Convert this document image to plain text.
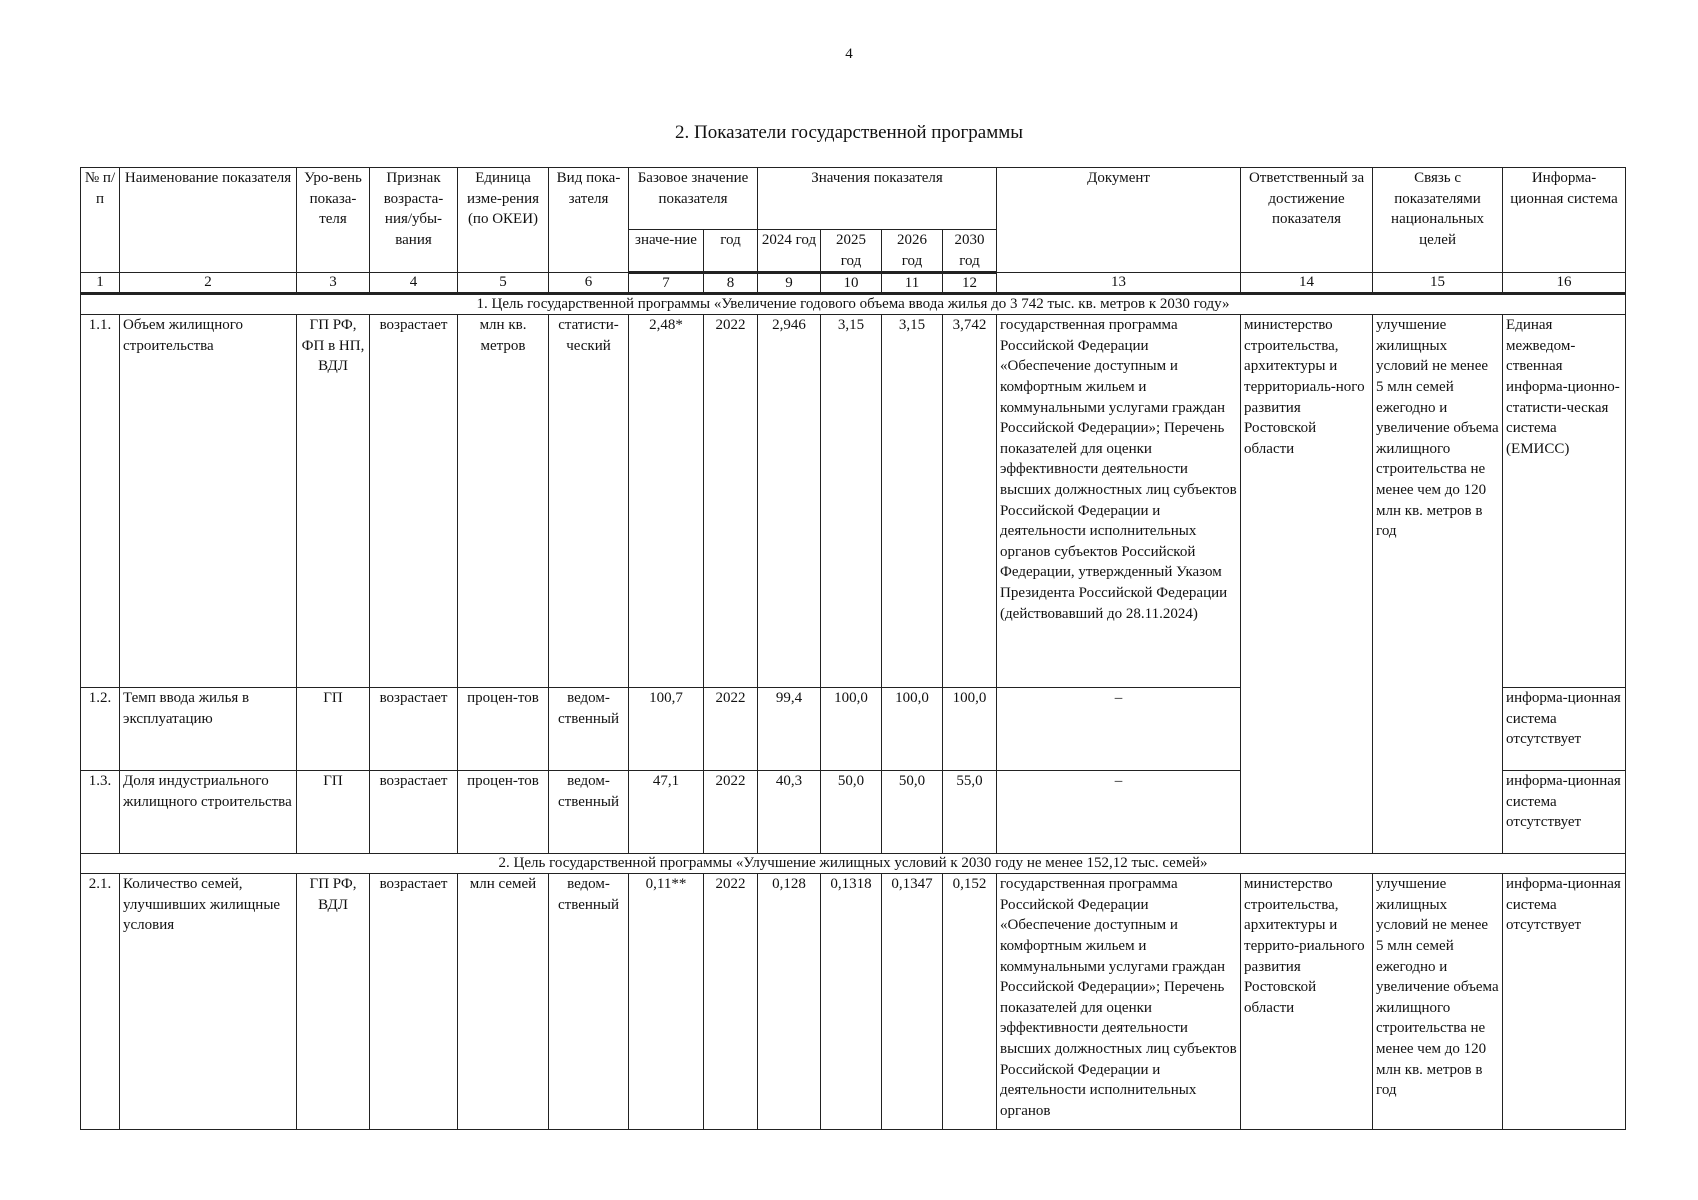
4
2. Показатели государственной программы
№ п/п	Наименование показателя	Уро-вень показа-теля	Признак возраста-ния/убы-вания	Единица изме-рения (по ОКЕИ)	Вид пока-зателя	Базовое значение показателя		Значения показателя				Документ	Ответственный за достижение показателя	Связь с показателями национальных целей	Информа-ционная система
						значе-ние	год	2024 год	2025 год	2026 год	2030 год				
1	2	3	4	5	6	7	8	9	10	11	12	13	14	15	16
1. Цель государственной программы «Увеличение годового объема ввода жилья до 3 742 тыс. кв. метров к 2030 году»															
1.1.	Объем жилищного строительства	ГП РФ, ФП в НП, ВДЛ	возрастает	млн кв. метров	статисти-ческий	2,48*	2022	2,946	3,15	3,15	3,742	государственная программа Российской Федерации «Обеспечение доступным и комфортным жильем и коммунальными услугами граждан Российской Федерации»; Перечень показателей для оценки эффективности деятельности высших должностных лиц субъектов Российской Федерации и деятельности исполнительных органов субъектов Российской Федерации, утвержденный Указом Президента Российской Федерации (действовавший до 28.11.2024)	министерство строительства, архитектуры и территориаль-ного развития Ростовской области	улучшение жилищных условий не менее 5 млн семей ежегодно и увеличение объема жилищного строительства не менее чем до 120 млн кв. метров в год	Единая межведом-ственная информа-ционно-статисти-ческая система (ЕМИСС)
1.2.	Темп ввода жилья в эксплуатацию	ГП	возрастает	процен-тов	ведом-ственный	100,7	2022	99,4	100,0	100,0	100,0	–			информа-ционная система отсутствует
1.3.	Доля индустриального жилищного строительства	ГП	возрастает	процен-тов	ведом-ственный	47,1	2022	40,3	50,0	50,0	55,0	–			информа-ционная система отсутствует
2. Цель государственной программы «Улучшение жилищных условий к 2030 году не менее 152,12 тыс. семей»															
2.1.	Количество семей, улучшивших жилищные условия	ГП РФ, ВДЛ	возрастает	млн семей	ведом-ственный	0,11**	2022	0,128	0,1318	0,1347	0,152	государственная программа Российской Федерации «Обеспечение доступным и комфортным жильем и коммунальными услугами граждан Российской Федерации»; Перечень показателей для оценки эффективности деятельности высших должностных лиц субъектов Российской Федерации и деятельности исполнительных органов	министерство строительства, архитектуры и террито-риального развития Ростовской области	улучшение жилищных условий не менее 5 млн семей ежегодно и увеличение объема жилищного строительства не менее чем до 120 млн кв. метров в год	информа-ционная система отсутствует
